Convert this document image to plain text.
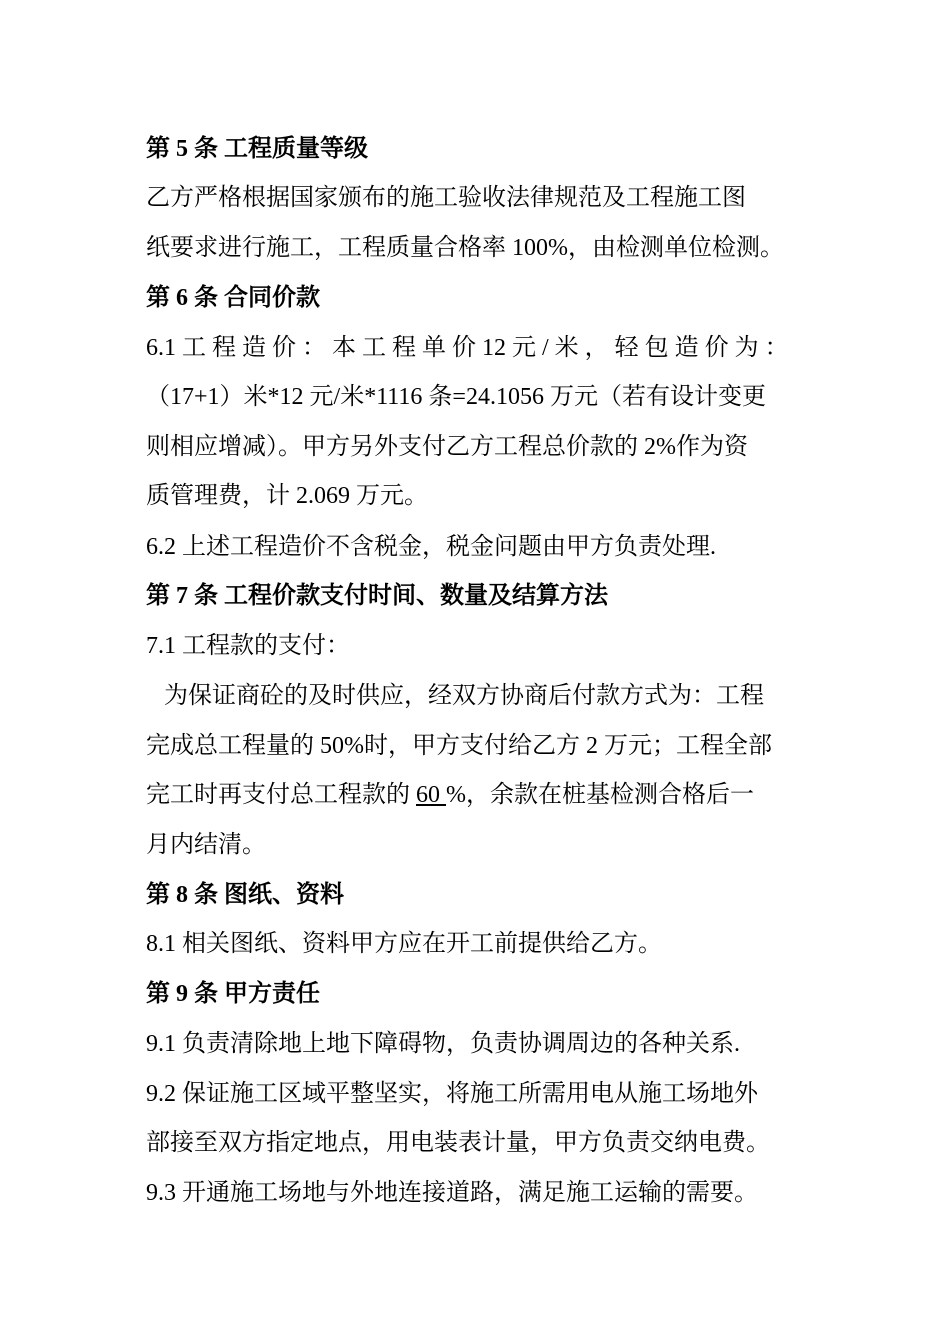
第 5 条 工程质量等级
乙方严格根据国家颁布的施工验收法律规范及工程施工图
纸要求进行施工，工程质量合格率 100%，由检测单位检测。
第 6 条 合同价款
6.1 工 程 造 价 ： 本 工 程 单 价 12 元 / 米 ， 轻 包 造 价 为 ：
（17+1）米*12 元/米*1116 条=24.1056 万元（若有设计变更
则相应增减）。甲方另外支付乙方工程总价款的 2%作为资
质管理费，计 2.069 万元。
6.2 上述工程造价不含税金，税金问题由甲方负责处理.
第 7 条 工程价款支付时间、数量及结算方法
7.1 工程款的支付：
为保证商砼的及时供应，经双方协商后付款方式为：工程
完成总工程量的 50%时，甲方支付给乙方 2 万元；工程全部
完工时再支付总工程款的 60 %，余款在桩基检测合格后一
月内结清。
第 8 条 图纸、资料
8.1 相关图纸、资料甲方应在开工前提供给乙方。
第 9 条 甲方责任
9.1 负责清除地上地下障碍物，负责协调周边的各种关系.
9.2 保证施工区域平整坚实，将施工所需用电从施工场地外
部接至双方指定地点，用电装表计量，甲方负责交纳电费。
9.3 开通施工场地与外地连接道路，满足施工运输的需要。
